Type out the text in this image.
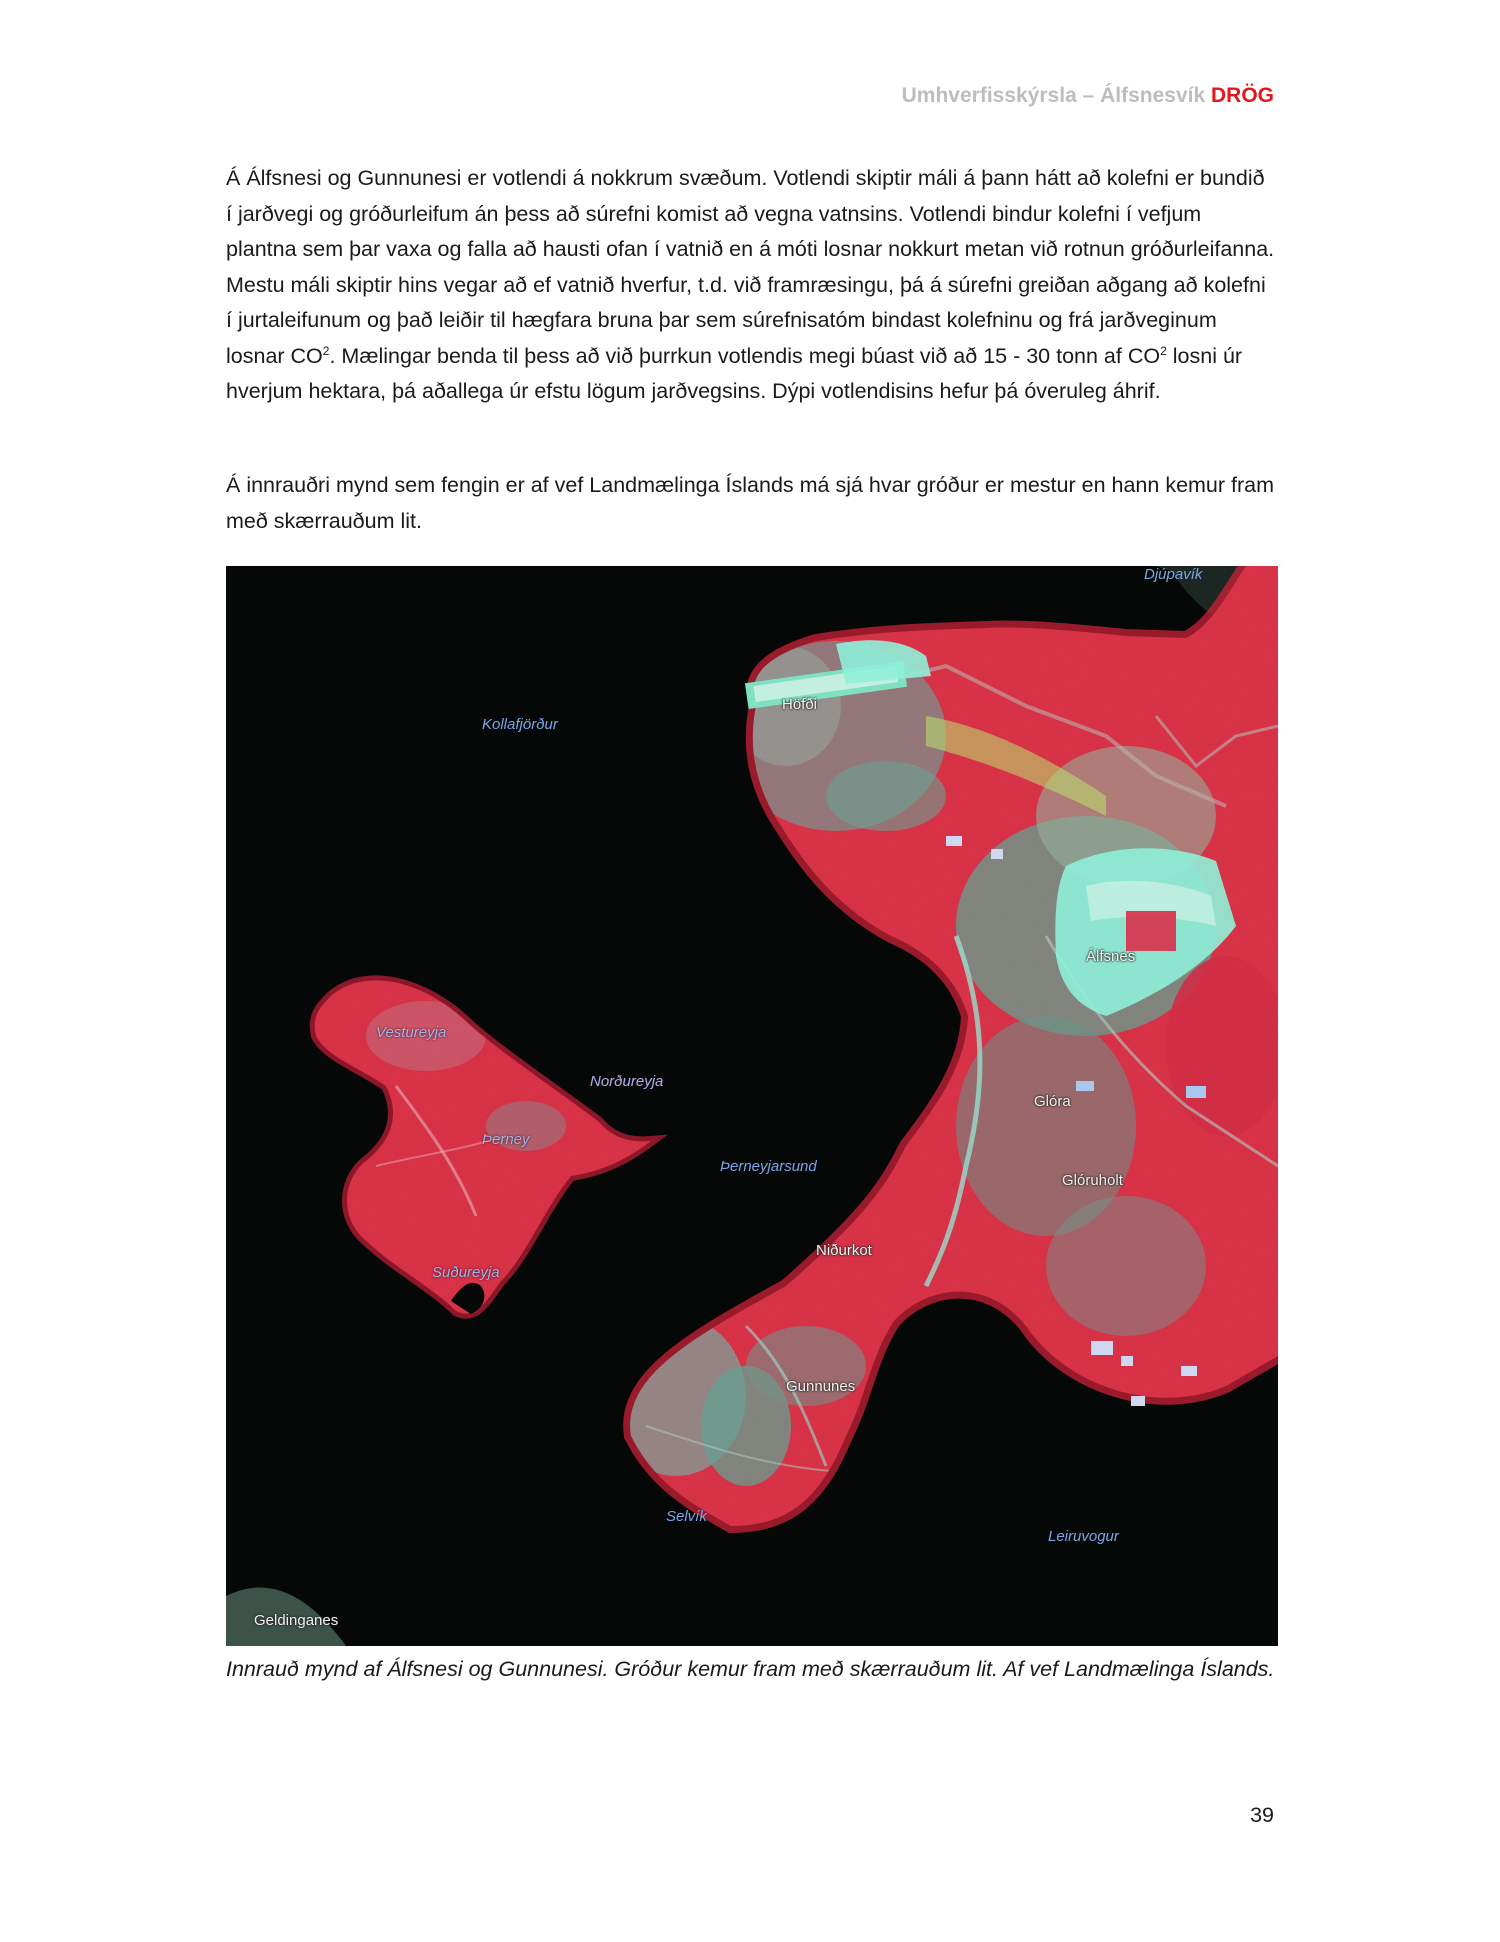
Umhverfisskýrsla – Álfsnesvík DRÖG

Á Álfsnesi og Gunnunesi er votlendi á nokkrum svæðum. Votlendi skiptir máli á þann hátt að kolefni er bundið í jarðvegi og gróðurleifum án þess að súrefni komist að vegna vatnsins. Votlendi bindur kolefni í vefjum plantna sem þar vaxa og falla að hausti ofan í vatnið en á móti losnar nokkurt metan við rotnun gróðurleifanna. Mestu máli skiptir hins vegar að ef vatnið hverfur, t.d. við framræsingu, þá á súrefni greiðan aðgang að kolefni í jurtaleifunum og það leiðir til hægfara bruna þar sem súrefnisatóm bindast kolefninu og frá jarðveginum losnar $CO^2$. Mælingar benda til þess að við þurrkun votlendis megi búast við að 15 - 30 tonn af $CO^2$ losni úr hverjum hektara, þá aðallega úr efstu lögum jarðvegsins. Dýpi votlendisins hefur þá óveruleg áhrif.

Á innrauðri mynd sem fengin er af vef Landmælinga Íslands má sjá hvar gróður er mestur en hann kemur fram með skærrauðum lit.

Djúpavík
Kollafjörður
Höfði
Álfsnes
Vestureyja
Norðureyja
Þerney
Þerneyjarsund
Glóra
Glóruholt
Suðureyja
Niðurkot
Gunnunes
Selvík
Leiruvogur
Geldinganes

Innrauð mynd af Álfsnesi og Gunnunesi. Gróður kemur fram með skærrauðum lit. Af vef Landmælinga Íslands.

39
